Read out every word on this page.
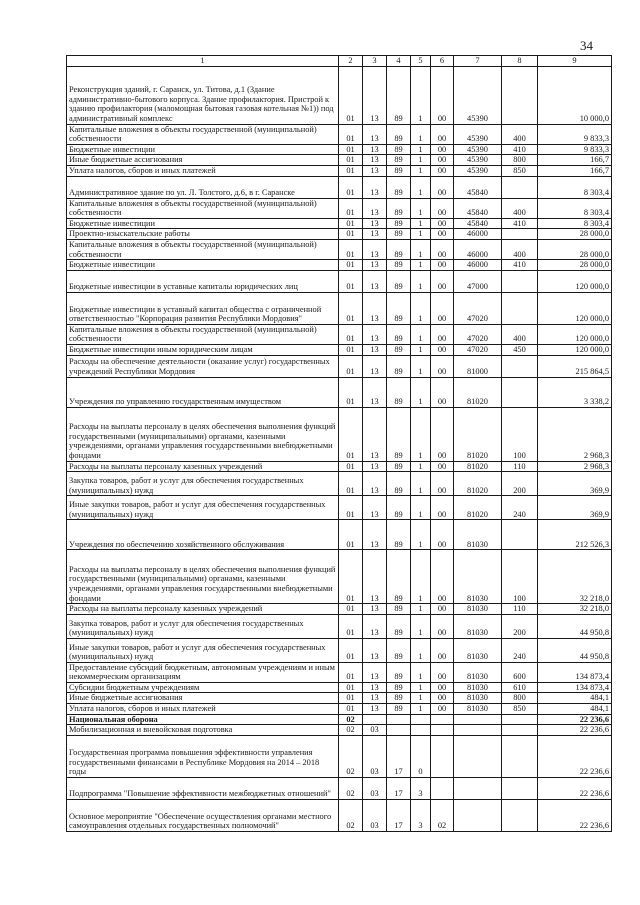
34
1	2	3	4	5	6	7	8	9
Реконструкция зданий, г. Саранск, ул. Титова, д.1 (Здание административно-бытового корпуса. Здание профилактория. Пристрой к зданию профилактория (маломощная бытовая газовая котельная №1)) под административный комплекс	01	13	89	1	00	45390		10 000,0
Капитальные вложения в объекты государственной (муниципальной) собственности	01	13	89	1	00	45390	400	9 833,3
Бюджетные инвестиции	01	13	89	1	00	45390	410	9 833,3
Иные бюджетные ассигнования	01	13	89	1	00	45390	800	166,7
Уплата налогов, сборов и иных платежей	01	13	89	1	00	45390	850	166,7
Административное здание по ул. Л. Толстого, д.6, в г. Саранске	01	13	89	1	00	45840		8 303,4
Капитальные вложения в объекты государственной (муниципальной) собственности	01	13	89	1	00	45840	400	8 303,4
Бюджетные инвестиции	01	13	89	1	00	45840	410	8 303,4
Проектно-изыскательские работы	01	13	89	1	00	46000		28 000,0
Капитальные вложения в объекты государственной (муниципальной) собственности	01	13	89	1	00	46000	400	28 000,0
Бюджетные инвестиции	01	13	89	1	00	46000	410	28 000,0
Бюджетные инвестиции в уставные капиталы юридических лиц	01	13	89	1	00	47000		120 000,0
Бюджетные инвестиции в уставный капитал общества с ограниченной ответственностью "Корпорация развития Республики Мордовия"	01	13	89	1	00	47020		120 000,0
Капитальные вложения в объекты государственной (муниципальной) собственности	01	13	89	1	00	47020	400	120 000,0
Бюджетные инвестиции иным юридическим лицам	01	13	89	1	00	47020	450	120 000,0
Расходы на обеспечение деятельности (оказание услуг) государственных учреждений Республики Мордовия	01	13	89	1	00	81000		215 864,5
Учреждения по управлению государственным имуществом	01	13	89	1	00	81020		3 338,2
Расходы на выплаты персоналу в целях обеспечения выполнения функций государственными (муниципальными) органами, казенными учреждениями, органами управления государственными внебюджетными фондами	01	13	89	1	00	81020	100	2 968,3
Расходы на выплаты персоналу казенных учреждений	01	13	89	1	00	81020	110	2 968,3
Закупка товаров, работ и услуг для обеспечения государственных (муниципальных) нужд	01	13	89	1	00	81020	200	369,9
Иные закупки товаров, работ и услуг для обеспечения государственных (муниципальных) нужд	01	13	89	1	00	81020	240	369,9
Учреждения по обеспечению хозяйственного обслуживания	01	13	89	1	00	81030		212 526,3
Расходы на выплаты персоналу в целях обеспечения выполнения функций государственными (муниципальными) органами, казенными учреждениями, органами управления государственными внебюджетными фондами	01	13	89	1	00	81030	100	32 218,0
Расходы на выплаты персоналу казенных учреждений	01	13	89	1	00	81030	110	32 218,0
Закупка товаров, работ и услуг для обеспечения государственных (муниципальных) нужд	01	13	89	1	00	81030	200	44 950,8
Иные закупки товаров, работ и услуг для обеспечения государственных (муниципальных) нужд	01	13	89	1	00	81030	240	44 950,8
Предоставление субсидий бюджетным, автономным учреждениям и иным некоммерческим организациям	01	13	89	1	00	81030	600	134 873,4
Субсидии бюджетным учреждениям	01	13	89	1	00	81030	610	134 873,4
Иные бюджетные ассигнования	01	13	89	1	00	81030	800	484,1
Уплата налогов, сборов и иных платежей	01	13	89	1	00	81030	850	484,1
Национальная оборона	02							22 236,6
Мобилизационная и вневойсковая подготовка	02	03						22 236,6
Государственная программа повышения эффективности управления государственными финансами в Республике Мордовия на 2014 – 2018 годы	02	03	17	0				22 236,6
Подпрограмма "Повышение эффективности межбюджетных отношений"	02	03	17	3				22 236,6
Основное мероприятие "Обеспечение осуществления органами местного самоуправления отдельных государственных полномочий"	02	03	17	3	02			22 236,6
